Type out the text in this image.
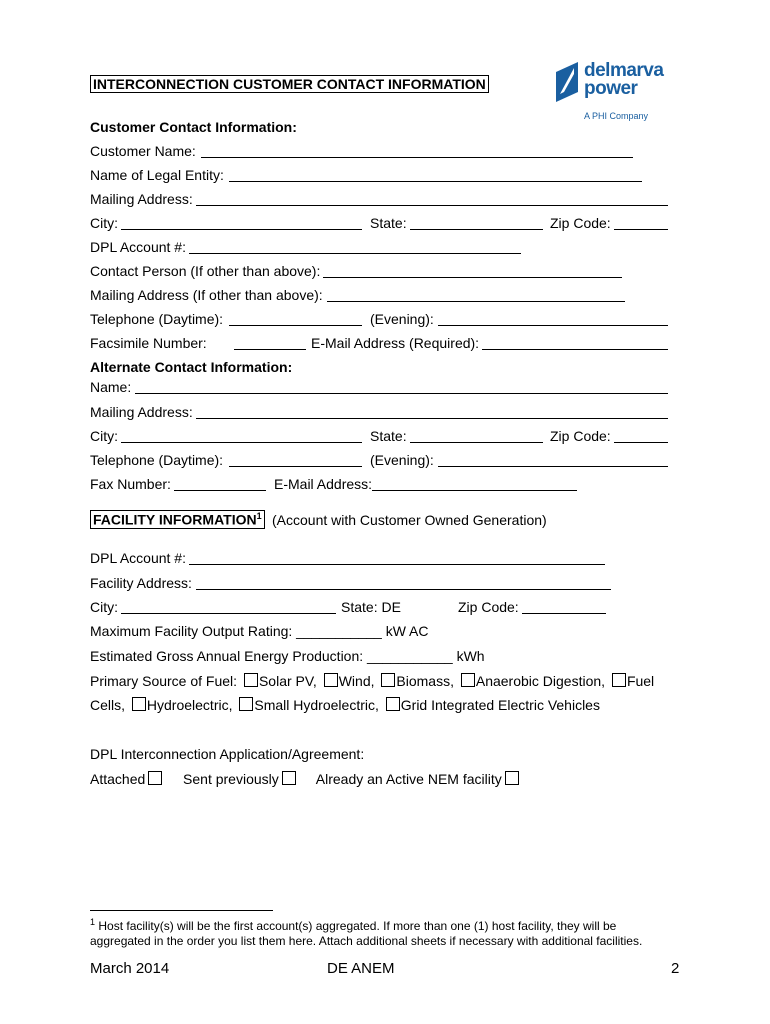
INTERCONNECTION CUSTOMER CONTACT INFORMATION
delmarva
power
A PHI Company
Customer Contact Information:
Customer Name:
Name of Legal Entity:
Mailing Address:
City:	State:	Zip Code:
DPL Account #:
Contact Person (If other than above):
Mailing Address (If other than above):
Telephone (Daytime):	(Evening):
Facsimile Number:	E-Mail Address (Required):
Alternate Contact Information:
Name:
Mailing Address:
City:	State:	Zip Code:
Telephone (Daytime):	(Evening):
Fax Number:	E-Mail Address:
FACILITY INFORMATION$^1$ (Account with Customer Owned Generation)
DPL Account #:
Facility Address:
City:	State: DE	Zip Code:
Maximum Facility Output Rating: ___________ kW AC
Estimated Gross Annual Energy Production: ___________ kWh
Primary Source of Fuel: Solar PV, Wind, Biomass, Anaerobic Digestion, Fuel
Cells, Hydroelectric, Small Hydroelectric, Grid Integrated Electric Vehicles
DPL Interconnection Application/Agreement:
Attached	Sent previously	Already an Active NEM facility
$^1$ Host facility(s) will be the first account(s) aggregated. If more than one (1) host facility, they will be
aggregated in the order you list them here. Attach additional sheets if necessary with additional facilities.
March 2014	DE ANEM	2
